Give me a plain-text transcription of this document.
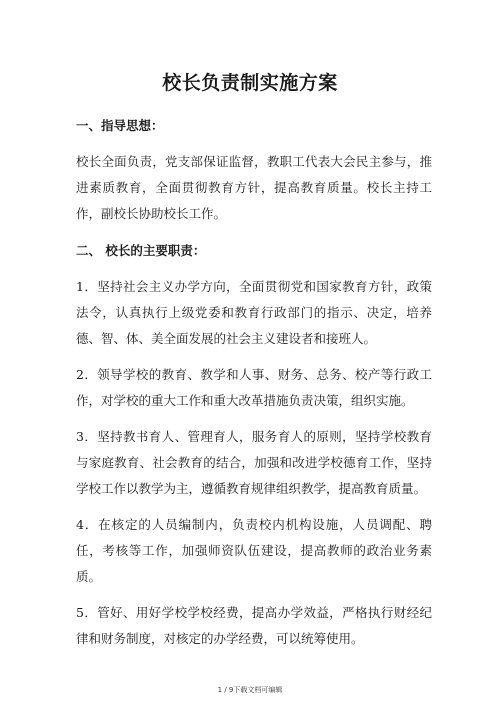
校长负责制实施方案

一、指导思想：

校长全面负责，党支部保证监督，教职工代表大会民主参与，推进素质教育，全面贯彻教育方针，提高教育质量。校长主持工作，副校长协助校长工作。

二、 校长的主要职责：

1．坚持社会主义办学方向，全面贯彻党和国家教育方针，政策法令，认真执行上级党委和教育行政部门的指示、决定，培养德、智、体、美全面发展的社会主义建设者和接班人。

2．领导学校的教育、教学和人事、财务、总务、校产等行政工作，对学校的重大工作和重大改革措施负责决策，组织实施。

3．坚持教书育人、管理育人，服务育人的原则，坚持学校教育与家庭教育、社会教育的结合，加强和改进学校德育工作，坚持学校工作以教学为主，遵循教育规律组织教学，提高教育质量。

4．在核定的人员编制内，负责校内机构设施，人员调配、聘任，考核等工作，加强师资队伍建设，提高教师的政治业务素质。

5．管好、用好学校学校经费，提高办学效益，严格执行财经纪律和财务制度，对核定的办学经费，可以统筹使用。

1 / 9下载文档可编辑
